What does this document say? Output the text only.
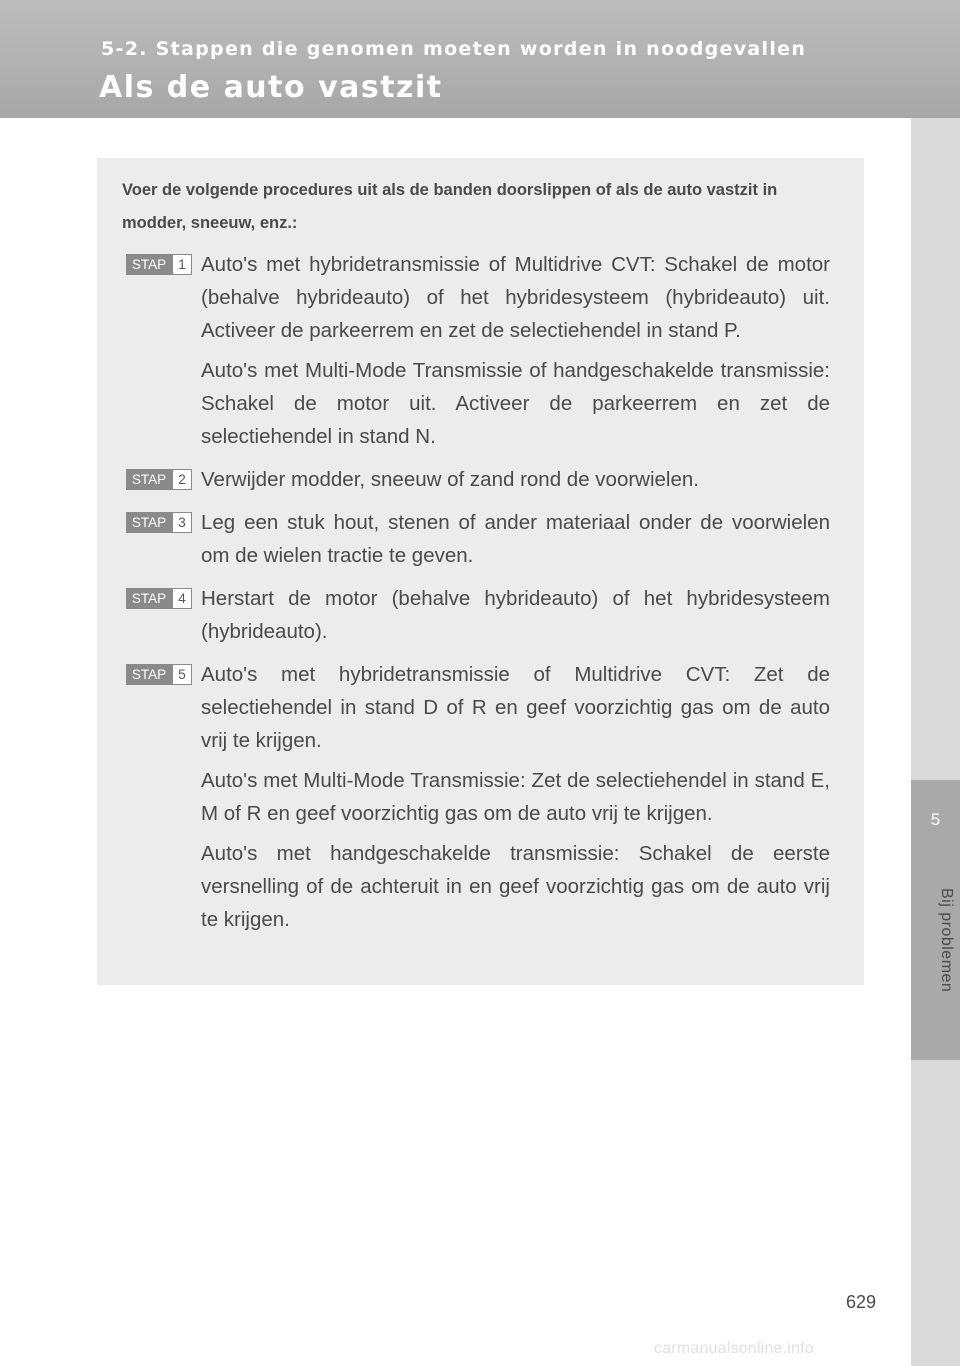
5-2. Stappen die genomen moeten worden in noodgevallen
Als de auto vastzit
5
Bij problemen
Voer de volgende procedures uit als de banden doorslippen of als de auto vastzit in modder, sneeuw, enz.:
STAP 1 Auto's met hybridetransmissie of Multidrive CVT: Schakel de motor (behalve hybrideauto) of het hybridesysteem (hybrideauto) uit. Activeer de parkeerrem en zet de selectiehendel in stand P.

Auto's met Multi-Mode Transmissie of handgeschakelde transmissie: Schakel de motor uit. Activeer de parkeerrem en zet de selectiehendel in stand N.

STAP 2 Verwijder modder, sneeuw of zand rond de voorwielen.

STAP 3 Leg een stuk hout, stenen of ander materiaal onder de voorwielen om de wielen tractie te geven.

STAP 4 Herstart de motor (behalve hybrideauto) of het hybridesysteem (hybrideauto).

STAP 5 Auto's met hybridetransmissie of Multidrive CVT: Zet de selectiehendel in stand D of R en geef voorzichtig gas om de auto vrij te krijgen.

Auto's met Multi-Mode Transmissie: Zet de selectiehendel in stand E, M of R en geef voorzichtig gas om de auto vrij te krijgen.

Auto's met handgeschakelde transmissie: Schakel de eerste versnelling of de achteruit in en geef voorzichtig gas om de auto vrij te krijgen.

629
carmanualsonline.info
